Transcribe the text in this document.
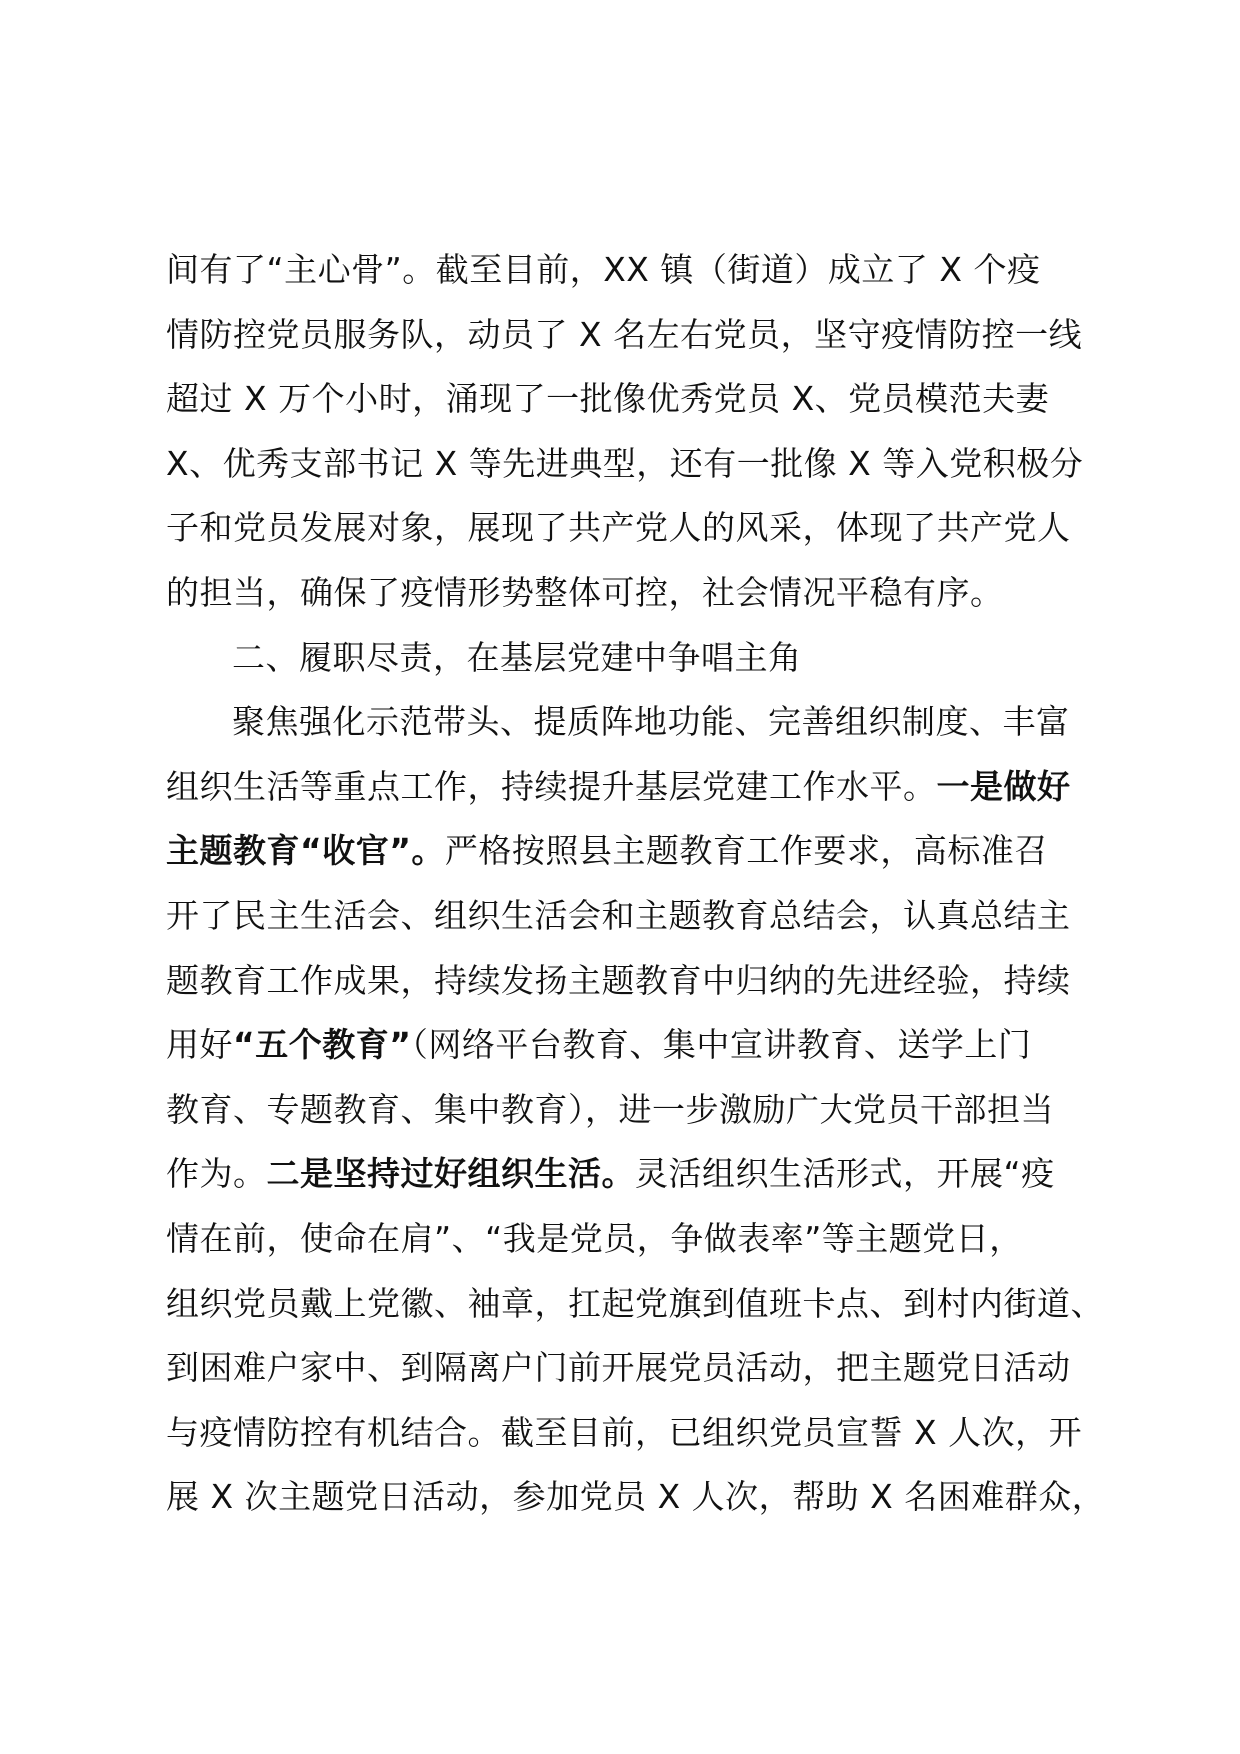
间有了“主心骨”。截至目前，XX 镇（街道）成立了 X 个疫
情防控党员服务队，动员了 X 名左右党员，坚守疫情防控一线
超过 X 万个小时，涌现了一批像优秀党员 X、党员模范夫妻
X、优秀支部书记 X 等先进典型，还有一批像 X 等入党积极分
子和党员发展对象，展现了共产党人的风采，体现了共产党人
的担当，确保了疫情形势整体可控，社会情况平稳有序。
二、履职尽责，在基层党建中争唱主角
聚焦强化示范带头、提质阵地功能、完善组织制度、丰富
组织生活等重点工作，持续提升基层党建工作水平。一是做好
主题教育“收官”。严格按照县主题教育工作要求，高标准召
开了民主生活会、组织生活会和主题教育总结会，认真总结主
题教育工作成果，持续发扬主题教育中归纳的先进经验，持续
用好“五个教育”（网络平台教育、集中宣讲教育、送学上门
教育、专题教育、集中教育），进一步激励广大党员干部担当
作为。二是坚持过好组织生活。灵活组织生活形式，开展“疫
情在前，使命在肩”、“我是党员，争做表率”等主题党日，
组织党员戴上党徽、袖章，扛起党旗到值班卡点、到村内街道、
到困难户家中、到隔离户门前开展党员活动，把主题党日活动
与疫情防控有机结合。截至目前，已组织党员宣誓 X 人次，开
展 X 次主题党日活动，参加党员 X 人次，帮助 X 名困难群众，
